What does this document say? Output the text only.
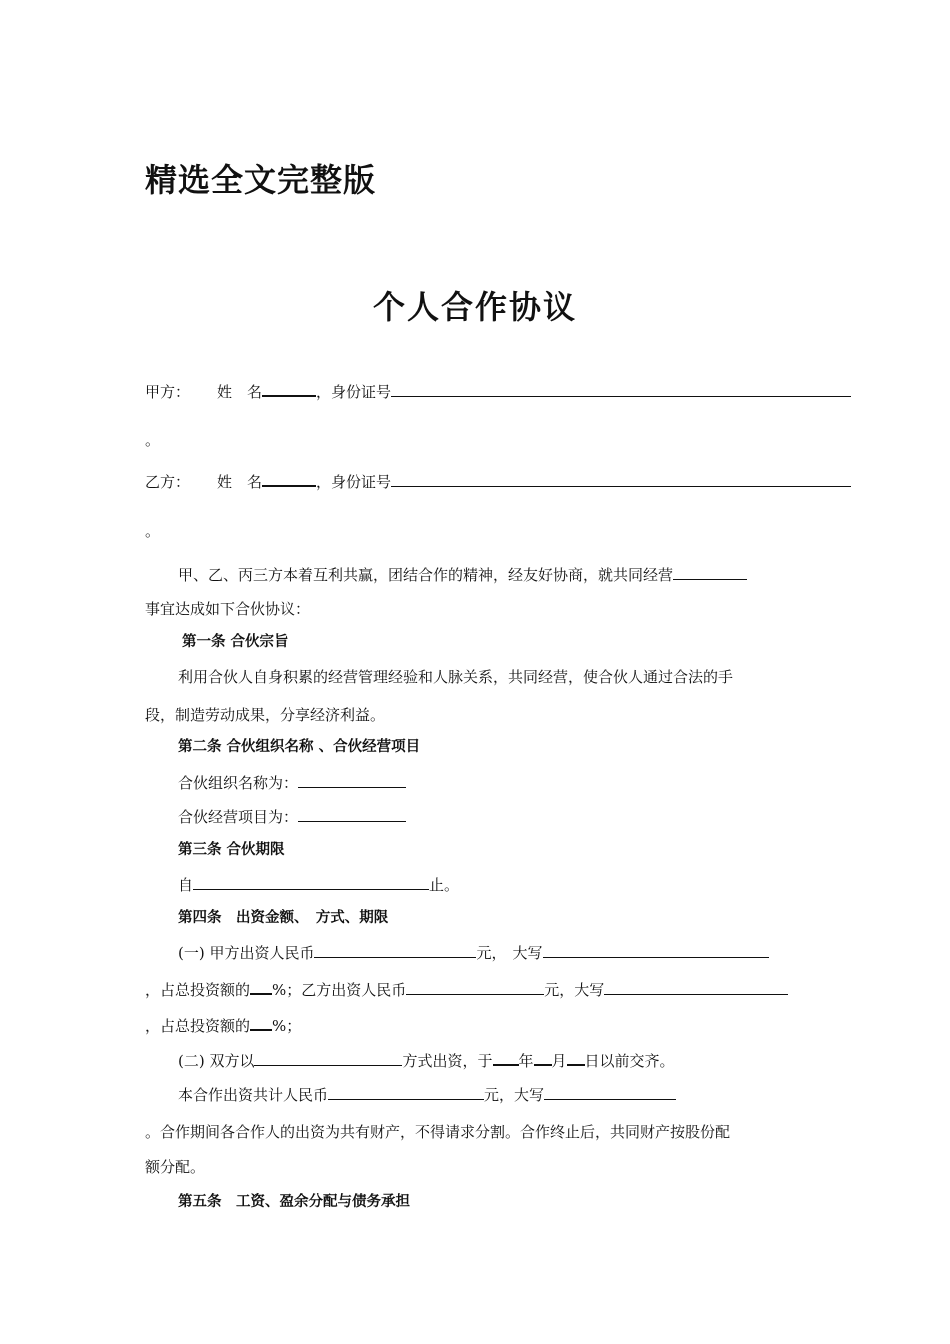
精选全文完整版
个人合作协议
甲方： 姓　名	，身份证号
。
乙方： 姓　名	，身份证号
。
甲、乙、丙三方本着互利共赢，团结合作的精神，经友好协商，就共同经营
事宜达成如下合伙协议：
第一条 合伙宗旨
利用合伙人自身积累的经营管理经验和人脉关系，共同经营，使合伙人通过合法的手
段，制造劳动成果，分享经济利益。
第二条 合伙组织名称 、合伙经营项目
合伙组织名称为：
合伙经营项目为：
第三条 合伙期限
自	止。
第四条　出资金额、　方式、期限
(一) 甲方出资人民币	元， 大写
，占总投资额的 %；乙方出资人民币	元，大写
，占总投资额的 %；
(二) 双方以	方式出资，于 年 月 日以前交齐。
本合作出资共计人民币	元，大写
。合作期间各合作人的出资为共有财产，不得请求分割。合作终止后，共同财产按股份配
额分配。
第五条　工资、盈余分配与债务承担
